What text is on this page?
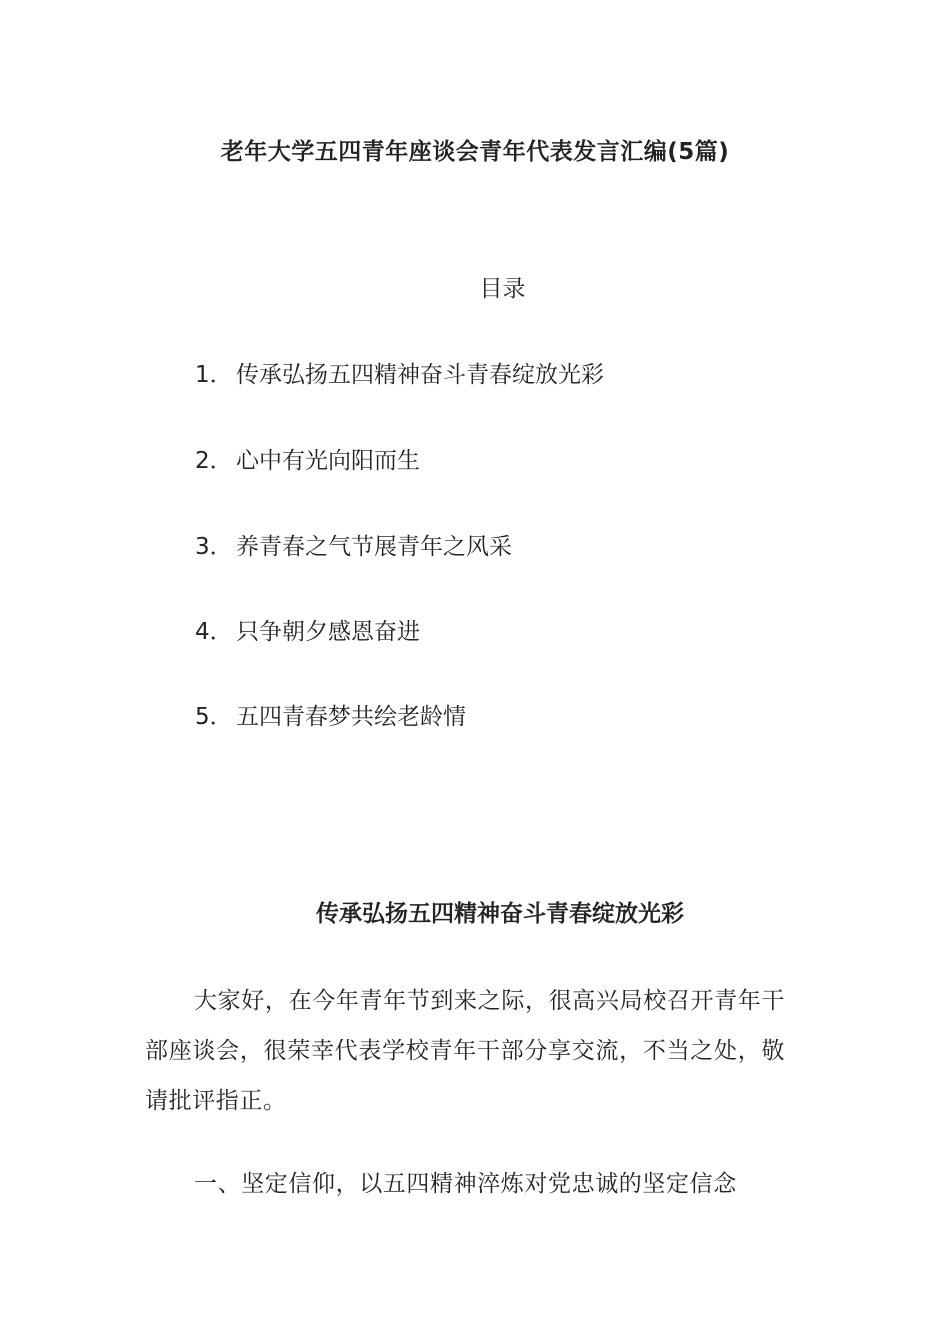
老年大学五四青年座谈会青年代表发言汇编(5篇)
目录
1． 传承弘扬五四精神奋斗青春绽放光彩
2． 心中有光向阳而生
3． 养青春之气节展青年之风采
4． 只争朝夕感恩奋进
5． 五四青春梦共绘老龄情
传承弘扬五四精神奋斗青春绽放光彩
大家好，在今年青年节到来之际，很高兴局校召开青年干部座谈会，很荣幸代表学校青年干部分享交流，不当之处，敬请批评指正。
一、坚定信仰，以五四精神淬炼对党忠诚的坚定信念
